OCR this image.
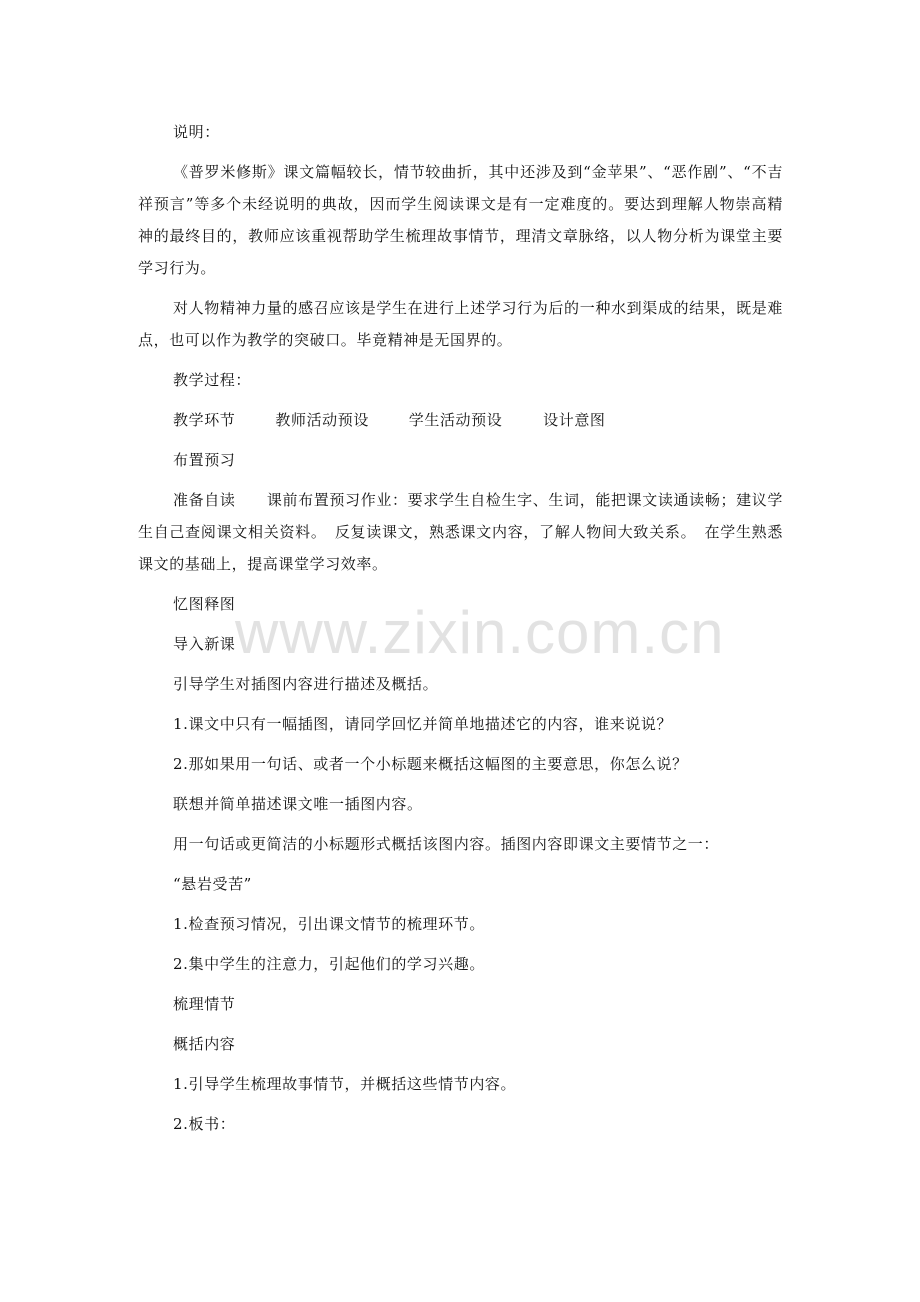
说明：

《普罗米修斯》课文篇幅较长，情节较曲折，其中还涉及到“金苹果”、“恶作剧”、“不吉祥预言”等多个未经说明的典故，因而学生阅读课文是有一定难度的。要达到理解人物崇高精神的最终目的，教师应该重视帮助学生梳理故事情节，理清文章脉络，以人物分析为课堂主要学习行为。

对人物精神力量的感召应该是学生在进行上述学习行为后的一种水到渠成的结果，既是难点，也可以作为教学的突破口。毕竟精神是无国界的。

教学过程：

教学环节	教师活动预设	学生活动预设	设计意图

布置预习

准备自读　　课前布置预习作业：要求学生自检生字、生词，能把课文读通读畅；建议学生自己查阅课文相关资料。　反复读课文，熟悉课文内容，了解人物间大致关系。　在学生熟悉课文的基础上，提高课堂学习效率。

忆图释图

导入新课

引导学生对插图内容进行描述及概括。

1.课文中只有一幅插图，请同学回忆并简单地描述它的内容，谁来说说？

2.那如果用一句话、或者一个小标题来概括这幅图的主要意思，你怎么说？

联想并简单描述课文唯一插图内容。

用一句话或更简洁的小标题形式概括该图内容。插图内容即课文主要情节之一：

“悬岩受苦”

1.检查预习情况，引出课文情节的梳理环节。

2.集中学生的注意力，引起他们的学习兴趣。

梳理情节

概括内容

1.引导学生梳理故事情节，并概括这些情节内容。

2.板书：

www.zixin.com.cn
